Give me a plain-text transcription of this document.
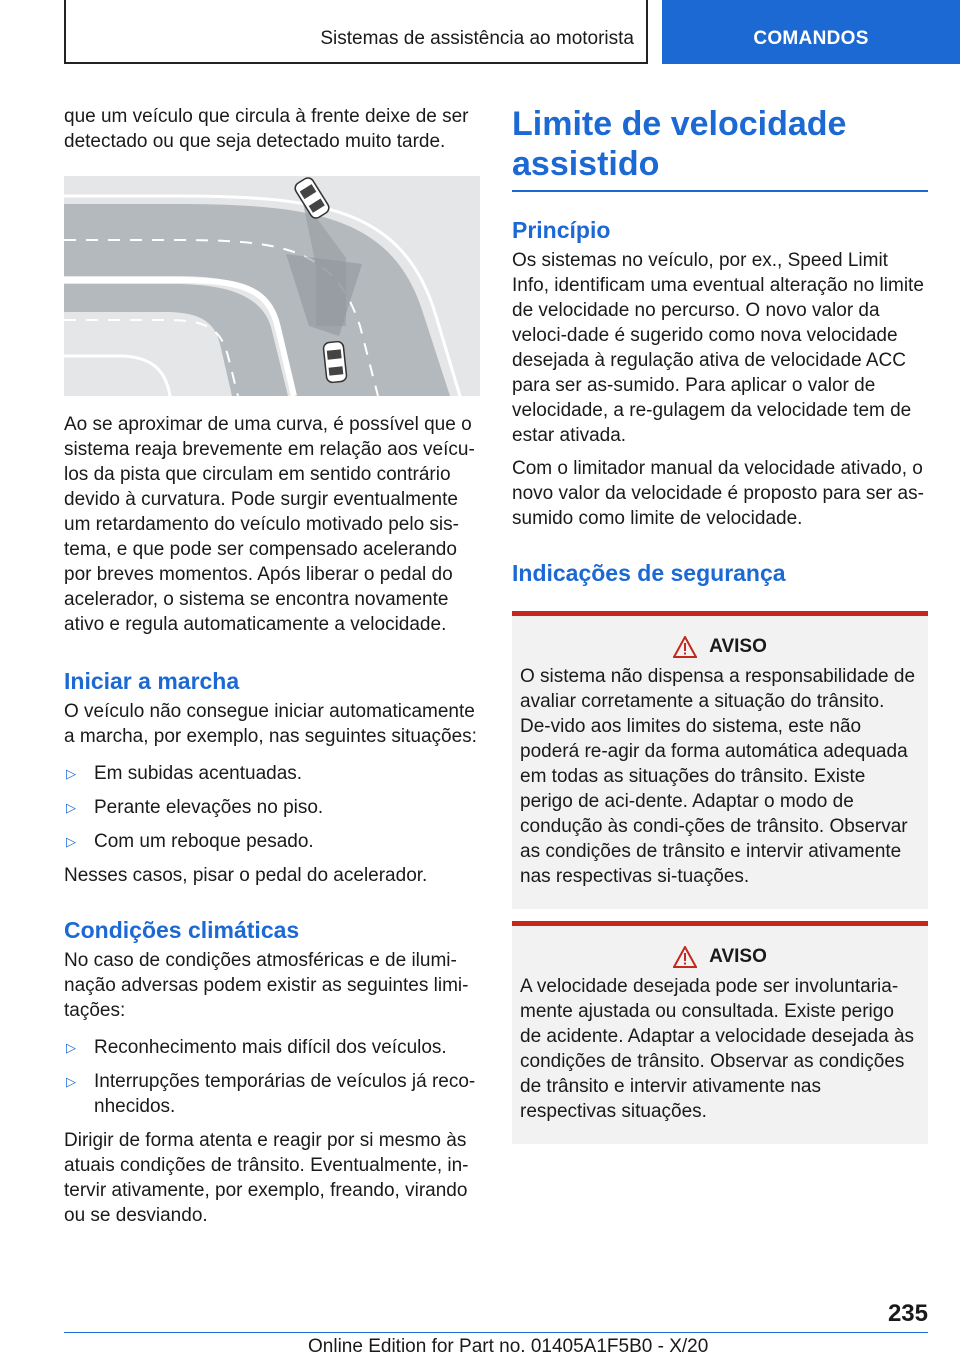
Sistemas de assistência ao motorista	COMANDOS

que um veículo que circula à frente deixe de ser detectado ou que seja detectado muito tarde.

Ao se aproximar de uma curva, é possível que o sistema reaja brevemente em relação aos veícu-los da pista que circulam em sentido contrário devido à curvatura. Pode surgir eventualmente um retardamento do veículo motivado pelo sis-tema, e que pode ser compensado acelerando por breves momentos. Após liberar o pedal do acelerador, o sistema se encontra novamente ativo e regula automaticamente a velocidade.

Iniciar a marcha

O veículo não consegue iniciar automaticamente a marcha, por exemplo, nas seguintes situações:

▷ Em subidas acentuadas.
▷ Perante elevações no piso.
▷ Com um reboque pesado.

Nesses casos, pisar o pedal do acelerador.

Condições climáticas

No caso de condições atmosféricas e de ilumi-nação adversas podem existir as seguintes limi-tações:

▷ Reconhecimento mais difícil dos veículos.
▷ Interrupções temporárias de veículos já reco-nhecidos.

Dirigir de forma atenta e reagir por si mesmo às atuais condições de trânsito. Eventualmente, in-tervir ativamente, por exemplo, freando, virando ou se desviando.

Limite de velocidade assistido
Princípio

Os sistemas no veículo, por ex., Speed Limit Info, identificam uma eventual alteração no limite de velocidade no percurso. O novo valor da veloci-dade é sugerido como nova velocidade desejada à regulação ativa de velocidade ACC para ser as-sumido. Para aplicar o valor de velocidade, a re-gulagem da velocidade tem de estar ativada.

Com o limitador manual da velocidade ativado, o novo valor da velocidade é proposto para ser as-sumido como limite de velocidade.

Indicações de segurança
AVISO

O sistema não dispensa a responsabilidade de avaliar corretamente a situação do trânsito. De-vido aos limites do sistema, este não poderá re-agir da forma automática adequada em todas as situações do trânsito. Existe perigo de aci-dente. Adaptar o modo de condução às condi-ções de trânsito. Observar as condições de trânsito e intervir ativamente nas respectivas si-tuações.

AVISO

A velocidade desejada pode ser involuntaria-mente ajustada ou consultada. Existe perigo de acidente. Adaptar a velocidade desejada às condições de trânsito. Observar as condições de trânsito e intervir ativamente nas respectivas situações.

235
Online Edition for Part no. 01405A1F5B0 - X/20
